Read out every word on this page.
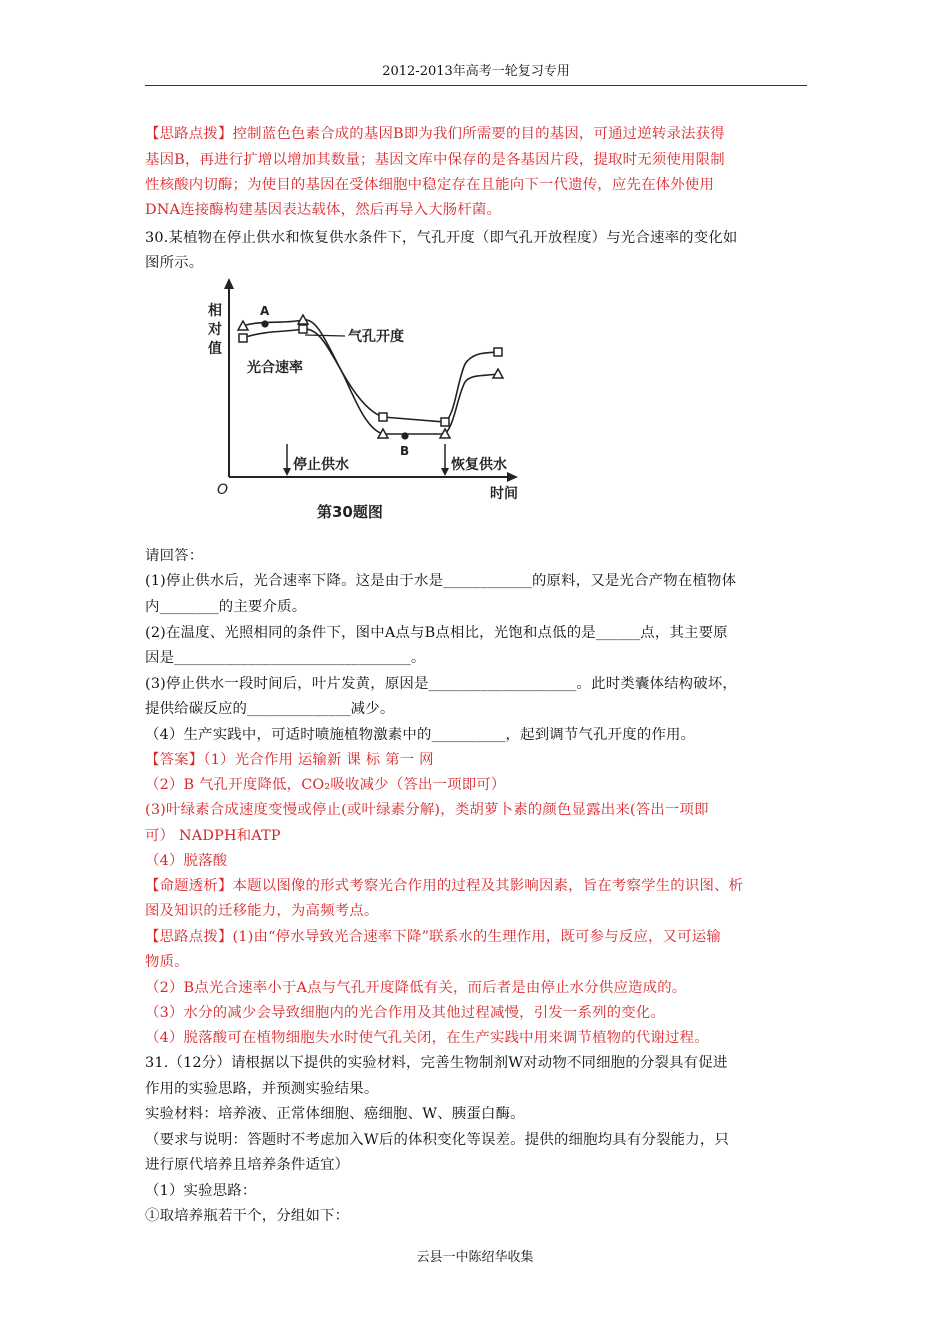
2012-2013年高考一轮复习专用
【思路点拨】控制蓝色色素合成的基因B即为我们所需要的目的基因，可通过逆转录法获得
基因B，再进行扩增以增加其数量；基因文库中保存的是各基因片段，提取时无须使用限制
性核酸内切酶；为使目的基因在受体细胞中稳定存在且能向下一代遗传，应先在体外使用
DNA连接酶构建基因表达载体，然后再导入大肠杆菌。
30.某植物在停止供水和恢复供水条件下，气孔开度（即气孔开放程度）与光合速率的变化如
图所示。
请回答：
(1)停止供水后，光合速率下降。这是由于水是____________的原料，又是光合产物在植物体
内________的主要介质。
(2)在温度、光照相同的条件下，图中A点与B点相比，光饱和点低的是______点，其主要原
因是________________________________。
(3)停止供水一段时间后，叶片发黄，原因是____________________。此时类囊体结构破坏，
提供给碳反应的______________减少。
（4）生产实践中，可适时喷施植物激素中的__________，起到调节气孔开度的作用。
【答案】（1）光合作用 运输新 课 标 第一 网
（2）B 气孔开度降低，CO₂吸收减少（答出一项即可）
(3)叶绿素合成速度变慢或停止(或叶绿素分解)，类胡萝卜素的颜色显露出来(答出一项即
可） NADPH和ATP
（4）脱落酸
【命题透析】本题以图像的形式考察光合作用的过程及其影响因素，旨在考察学生的识图、析
图及知识的迁移能力，为高频考点。
【思路点拨】(1)由“停水导致光合速率下降”联系水的生理作用，既可参与反应，又可运输
物质。
（2）B点光合速率小于A点与气孔开度降低有关，而后者是由停止水分供应造成的。
（3）水分的减少会导致细胞内的光合作用及其他过程减慢，引发一系列的变化。
（4）脱落酸可在植物细胞失水时使气孔关闭，在生产实践中用来调节植物的代谢过程。
31.（12分）请根据以下提供的实验材料，完善生物制剂W对动物不同细胞的分裂具有促进
作用的实验思路，并预测实验结果。
实验材料：培养液、正常体细胞、癌细胞、W、胰蛋白酶。
（要求与说明：答题时不考虑加入W后的体积变化等误差。提供的细胞均具有分裂能力，只
进行原代培养且培养条件适宜）
（1）实验思路：
①取培养瓶若干个，分组如下：
相
对
值
A
B
气孔开度
光合速率
停止供水	恢复供水
O	时间
第30题图
云县一中陈绍华收集
